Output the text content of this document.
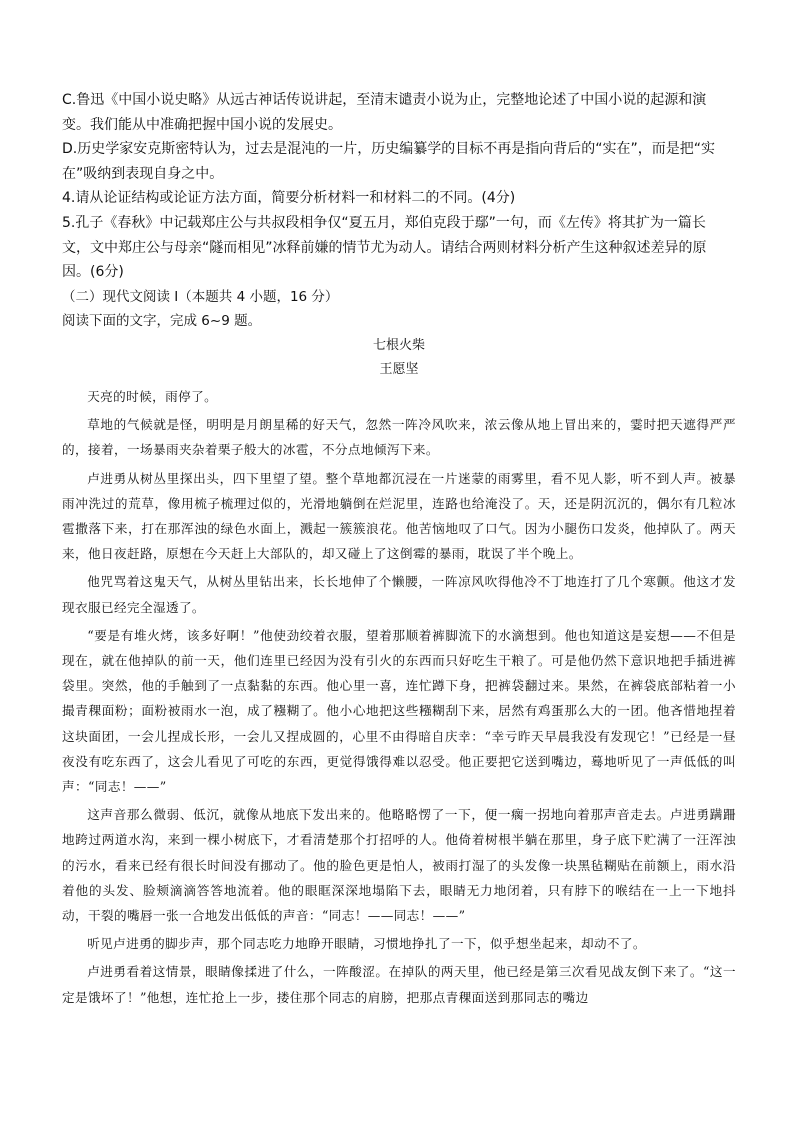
C.鲁迅《中国小说史略》从远古神话传说讲起，至清末谴责小说为止，完整地论述了中国小说的起源和演

变。我们能从中准确把握中国小说的发展史。

D.历史学家安克斯密特认为，过去是混沌的一片，历史编纂学的目标不再是指向背后的“实在”，而是把“实

在”吸纳到表现自身之中。

4.请从论证结构或论证方法方面，简要分析材料一和材料二的不同。(4分)

5.孔子《春秋》中记载郑庄公与共叔段相争仅“夏五月，郑伯克段于鄢”一句，而《左传》将其扩为一篇长

文，文中郑庄公与母亲“隧而相见”冰释前嫌的情节尤为动人。请结合两则材料分析产生这种叙述差异的原

因。(6分)

（二）现代文阅读 I（本题共 4 小题，16 分）

阅读下面的文字，完成 6~9 题。

七根火柴

王愿坚

天亮的时候，雨停了。

草地的气候就是怪，明明是月朗星稀的好天气，忽然一阵冷风吹来，浓云像从地上冒出来的，霎时把天遮得严严的，接着，一场暴雨夹杂着栗子般大的冰雹，不分点地倾泻下来。

卢进勇从树丛里探出头，四下里望了望。整个草地都沉浸在一片迷蒙的雨雾里，看不见人影，听不到人声。被暴雨冲洗过的荒草，像用梳子梳理过似的，光滑地躺倒在烂泥里，连路也给淹没了。天，还是阴沉沉的，偶尔有几粒冰雹撒落下来，打在那浑浊的绿色水面上，溅起一簇簇浪花。他苦恼地叹了口气。因为小腿伤口发炎，他掉队了。两天来，他日夜赶路，原想在今天赶上大部队的，却又碰上了这倒霉的暴雨，耽误了半个晚上。

他咒骂着这鬼天气，从树丛里钻出来，长长地伸了个懒腰，一阵凉风吹得他冷不丁地连打了几个寒颤。他这才发现衣服已经完全湿透了。

“要是有堆火烤，该多好啊！”他使劲绞着衣服，望着那顺着裤脚流下的水滴想到。他也知道这是妄想——不但是现在，就在他掉队的前一天，他们连里已经因为没有引火的东西而只好吃生干粮了。可是他仍然下意识地把手插进裤袋里。突然，他的手触到了一点黏黏的东西。他心里一喜，连忙蹲下身，把裤袋翻过来。果然，在裤袋底部粘着一小撮青稞面粉；面粉被雨水一泡，成了糨糊了。他小心地把这些糨糊刮下来，居然有鸡蛋那么大的一团。他吝惜地捏着这块面团，一会儿捏成长形，一会儿又捏成圆的，心里不由得暗自庆幸：“幸亏昨天早晨我没有发现它！”已经是一昼夜没有吃东西了，这会儿看见了可吃的东西，更觉得饿得难以忍受。他正要把它送到嘴边，蓦地听见了一声低低的叫声：“同志！——”

这声音那么微弱、低沉，就像从地底下发出来的。他略略愣了一下，便一瘸一拐地向着那声音走去。卢进勇蹒跚地跨过两道水沟，来到一棵小树底下，才看清楚那个打招呼的人。他倚着树根半躺在那里，身子底下贮满了一汪浑浊的污水，看来已经有很长时间没有挪动了。他的脸色更是怕人，被雨打湿了的头发像一块黑毡糊贴在前额上，雨水沿着他的头发、脸颊滴滴答答地流着。他的眼眶深深地塌陷下去，眼睛无力地闭着，只有脖下的喉结在一上一下地抖动，干裂的嘴唇一张一合地发出低低的声音：“同志！——同志！——”

听见卢进勇的脚步声，那个同志吃力地睁开眼睛，习惯地挣扎了一下，似乎想坐起来，却动不了。

卢进勇看着这情景，眼睛像揉进了什么，一阵酸涩。在掉队的两天里，他已经是第三次看见战友倒下来了。“这一定是饿坏了！”他想，连忙抢上一步，搂住那个同志的肩膀，把那点青稞面送到那同志的嘴边
